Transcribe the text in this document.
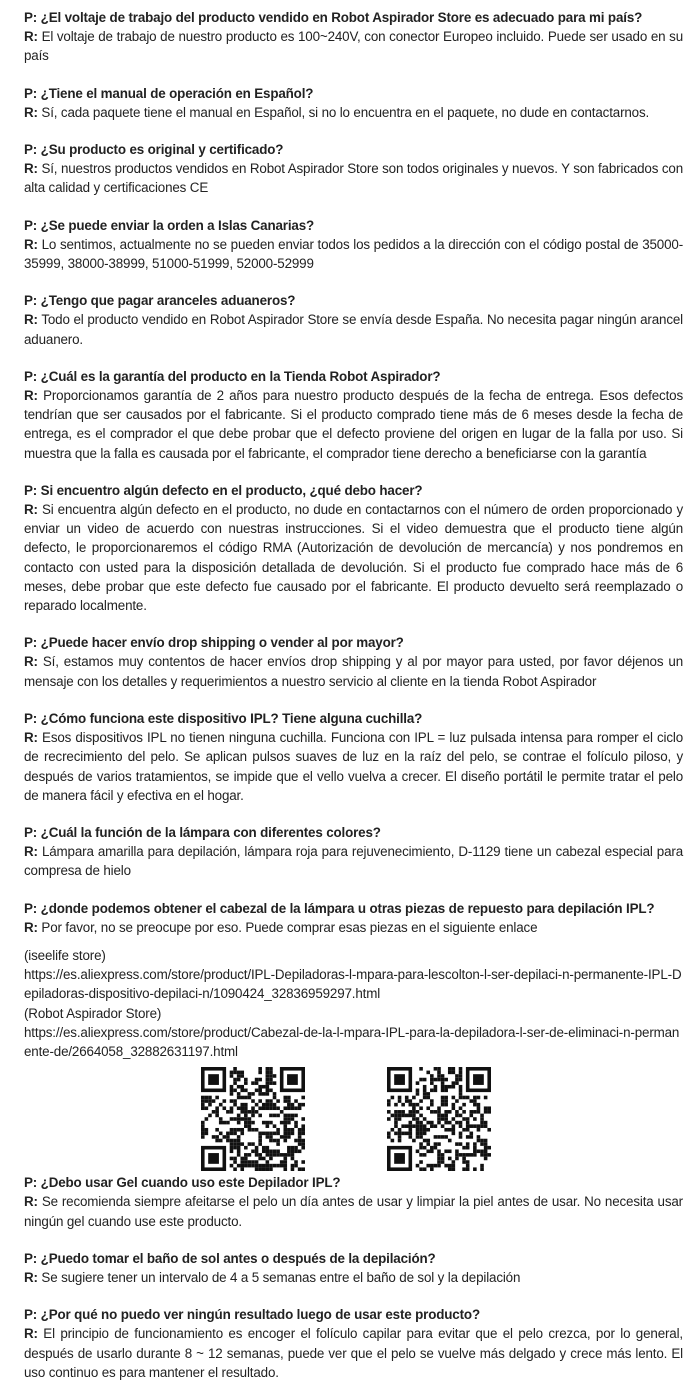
P: ¿El voltaje de trabajo del producto vendido en Robot Aspirador Store es adecuado para mi país?
R: El voltaje de trabajo de nuestro producto es 100~240V, con conector Europeo incluido. Puede ser usado en su país
P: ¿Tiene el manual de operación en Español?
R: Sí, cada paquete tiene el manual en Español, si no lo encuentra en el paquete, no dude en contactarnos.
P: ¿Su producto es original y certificado?
R: Sí, nuestros productos vendidos en Robot Aspirador Store son todos originales y nuevos. Y son fabricados con alta calidad y certificaciones CE
P: ¿Se puede enviar la orden a Islas Canarias?
R: Lo sentimos, actualmente no se pueden enviar todos los pedidos a la dirección con el código postal de 35000-35999, 38000-38999, 51000-51999, 52000-52999
P: ¿Tengo que pagar aranceles aduaneros?
R: Todo el producto vendido en Robot Aspirador Store se envía desde España. No necesita pagar ningún arancel aduanero.
P: ¿Cuál es la garantía del producto en la Tienda Robot Aspirador?
R: Proporcionamos garantía de 2 años para nuestro producto después de la fecha de entrega. Esos defectos tendrían que ser causados por el fabricante. Si el producto comprado tiene más de 6 meses desde la fecha de entrega, es el comprador el que debe probar que el defecto proviene del origen en lugar de la falla por uso. Si muestra que la falla es causada por el fabricante, el comprador tiene derecho a beneficiarse con la garantía
P: Si encuentro algún defecto en el producto, ¿qué debo hacer?
R: Si encuentra algún defecto en el producto, no dude en contactarnos con el número de orden proporcionado y enviar un video de acuerdo con nuestras instrucciones. Si el video demuestra que el producto tiene algún defecto, le proporcionaremos el código RMA (Autorización de devolución de mercancía) y nos pondremos en contacto con usted para la disposición detallada de devolución. Si el producto fue comprado hace más de 6 meses, debe probar que este defecto fue causado por el fabricante. El producto devuelto será reemplazado o reparado localmente.
P: ¿Puede hacer envío drop shipping o vender al por mayor?
R: Sí, estamos muy contentos de hacer envíos drop shipping y al por mayor para usted, por favor déjenos un mensaje con los detalles y requerimientos a nuestro servicio al cliente en la tienda Robot Aspirador
P: ¿Cómo funciona este dispositivo IPL? Tiene alguna cuchilla?
R: Esos dispositivos IPL no tienen ninguna cuchilla. Funciona con IPL = luz pulsada intensa para romper el ciclo de recrecimiento del pelo. Se aplican pulsos suaves de luz en la raíz del pelo, se contrae el folículo piloso, y después de varios tratamientos, se impide que el vello vuelva a crecer. El diseño portátil le permite tratar el pelo de manera fácil y efectiva en el hogar.
P: ¿Cuál la función de la lámpara con diferentes colores?
R: Lámpara amarilla para depilación, lámpara roja para rejuvenecimiento, D-1129 tiene un cabezal especial para compresa de hielo
P: ¿donde podemos obtener el cabezal de la lámpara u otras piezas de repuesto para depilación IPL?
R: Por favor, no se preocupe por eso. Puede comprar esas piezas en el siguiente enlace
(iseelife store)
https://es.aliexpress.com/store/product/IPL-Depiladoras-l-mpara-para-lescolton-l-ser-depilaci-n-permanente-IPL-Depiladoras-dispositivo-depilaci-n/1090424_32836959297.html
(Robot Aspirador Store)
https://es.aliexpress.com/store/product/Cabezal-de-la-l-mpara-IPL-para-la-depiladora-l-ser-de-eliminaci-n-permanente-de/2664058_32882631197.html
P: ¿Debo usar Gel cuando uso este Depilador IPL?
R: Se recomienda siempre afeitarse el pelo un día antes de usar y limpiar la piel antes de usar. No necesita usar ningún gel cuando use este producto.
P: ¿Puedo tomar el baño de sol antes o después de la depilación?
R: Se sugiere tener un intervalo de 4 a 5 semanas entre el baño de sol y la depilación
P: ¿Por qué no puedo ver ningún resultado luego de usar este producto?
R: El principio de funcionamiento es encoger el folículo capilar para evitar que el pelo crezca, por lo general, después de usarlo durante 8 ~ 12 semanas, puede ver que el pelo se vuelve más delgado y crece más lento. El uso continuo es para mantener el resultado.
